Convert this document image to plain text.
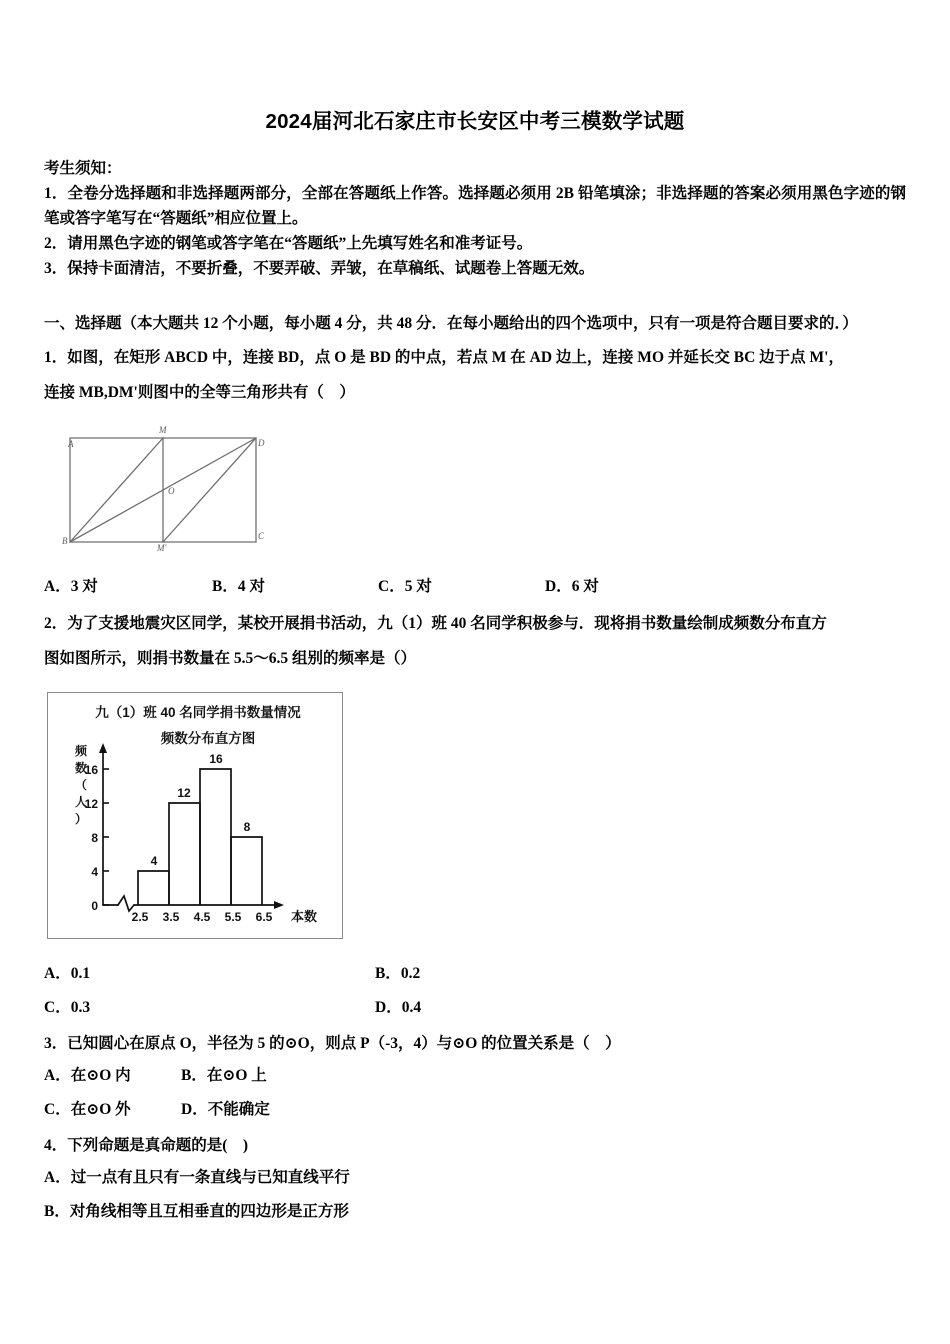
2024届河北石家庄市长安区中考三模数学试题
考生须知：
1．全卷分选择题和非选择题两部分，全部在答题纸上作答。选择题必须用 2B 铅笔填涂；非选择题的答案必须用黑色字迹的钢笔或答字笔写在“答题纸”相应位置上。
2．请用黑色字迹的钢笔或答字笔在“答题纸”上先填写姓名和准考证号。
3．保持卡面清洁，不要折叠，不要弄破、弄皱，在草稿纸、试题卷上答题无效。
一、选择题（本大题共 12 个小题，每小题 4 分，共 48 分．在每小题给出的四个选项中，只有一项是符合题目要求的．）
1．如图，在矩形 ABCD 中，连接 BD，点 O 是 BD 的中点，若点 M 在 AD 边上，连接 MO 并延长交 BC 边于点 M'，
连接 MB,DM'则图中的全等三角形共有（　）
A	D
B	C
M
M'
O
A．3 对	B．4 对	C．5 对	D．6 对
2．为了支援地震灾区同学，某校开展捐书活动，九（1）班 40 名同学积极参与．现将捐书数量绘制成频数分布直方
图如图所示，则捐书数量在 5.5～6.5 组别的频率是（）
九（1）班 40 名同学捐书数量情况
频数分布直方图
频
数
（
人
）
0
4
8
12
16
4
12
16
8
2.5 3.5 4.5 5.5 6.5 本数
A．0.1	B．0.2
C．0.3	D．0.4
3．已知圆心在原点 O，半径为 5 的⊙O，则点 P（-3，4）与⊙O 的位置关系是（　）
A．在⊙O 内	B．在⊙O 上
C．在⊙O 外	D．不能确定
4．下列命题是真命题的是(　)
A．过一点有且只有一条直线与已知直线平行
B．对角线相等且互相垂直的四边形是正方形
